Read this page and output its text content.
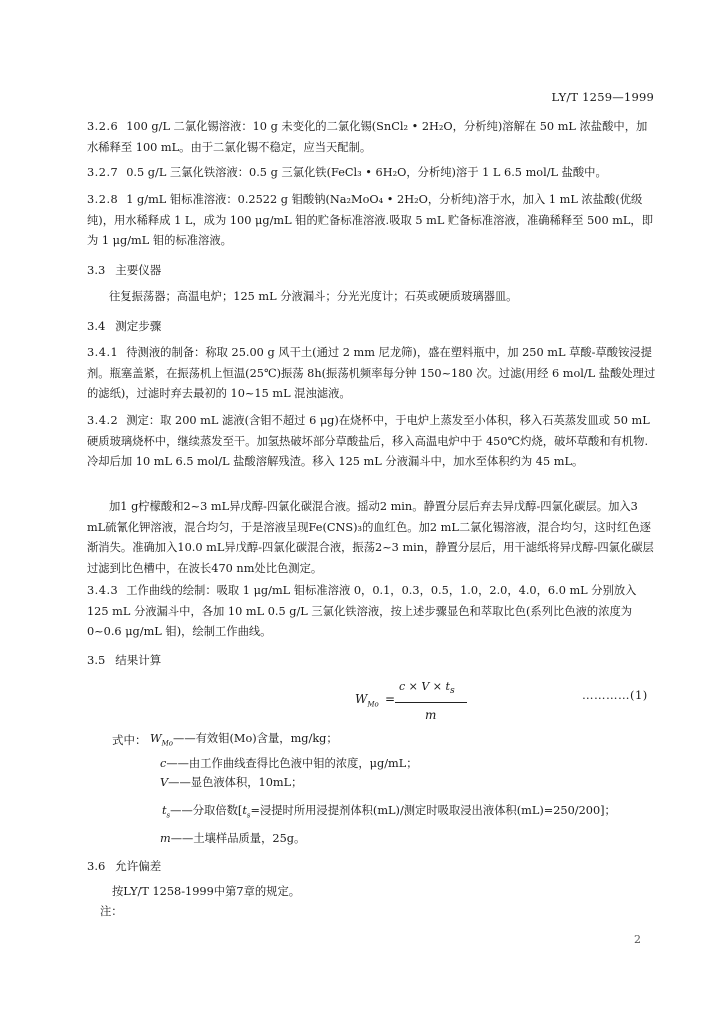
LY/T 1259—1999

3.2.6 100 g/L 二氯化锡溶液：10 g 未变化的二氯化锡(SnCl₂ • 2H₂O，分析纯)溶解在 50 mL 浓盐酸中，加水稀释至 100 mL。由于二氯化锡不稳定，应当天配制。

3.2.7 0.5 g/L 三氯化铁溶液：0.5 g 三氯化铁(FeCl₃ • 6H₂O，分析纯)溶于 1 L 6.5 mol/L 盐酸中。

3.2.8 1 g/mL 钼标准溶液：0.2522 g 钼酸钠(Na₂MoO₄ • 2H₂O，分析纯)溶于水，加入 1 mL 浓盐酸(优级纯)，用水稀释成 1 L，成为 100 μg/mL 钼的贮备标准溶液.吸取 5 mL 贮备标准溶液，准确稀释至 500 mL，即为 1 μg/mL 钼的标准溶液。

3.3 主要仪器

往复振荡器；高温电炉；125 mL 分液漏斗；分光光度计；石英或硬质玻璃器皿。

3.4 测定步骤

3.4.1 待测液的制备：称取 25.00 g 风干土(通过 2 mm 尼龙筛)，盛在塑料瓶中，加 250 mL 草酸-草酸铵浸提剂。瓶塞盖紧，在振荡机上恒温(25℃)振荡 8h(振荡机频率每分钟 150~180 次。过滤(用经 6 mol/L 盐酸处理过的滤纸)，过滤时弃去最初的 10~15 mL 混浊滤液。

3.4.2 测定：取 200 mL 滤液(含钼不超过 6 μg)在烧杯中，于电炉上蒸发至小体积，移入石英蒸发皿或 50 mL 硬质玻璃烧杯中，继续蒸发至干。加氢热破坏部分草酸盐后，移入高温电炉中于 450℃灼烧，破坏草酸和有机物.冷却后加 10 mL 6.5 mol/L 盐酸溶解残渣。移入 125 mL 分液漏斗中，加水至体积约为 45 mL。

加1 g柠檬酸和2~3 mL异戊醇-四氯化碳混合液。摇动2 min。静置分层后弃去异戊醇-四氯化碳层。加入3 mL硫氰化钾溶液，混合均匀，于是溶液呈现Fe(CNS)₃的血红色。加2 mL二氯化锡溶液，混合均匀，这时红色逐渐消失。准确加入10.0 mL异戊醇-四氯化碳混合液，振荡2~3 min，静置分层后，用干滤纸将异戊醇-四氯化碳层过滤到比色槽中，在波长470 nm处比色测定。

3.4.3 工作曲线的绘制：吸取 1 μg/mL 钼标准溶液 0，0.1，0.3，0.5，1.0，2.0，4.0，6.0 mL 分别放入 125 mL 分液漏斗中，各加 10 mL 0.5 g/L 三氯化铁溶液，按上述步骤显色和萃取比色(系列比色液的浓度为 0~0.6 μg/mL 钼)，绘制工作曲线。

3.5 结果计算
$W_{Mo}$ =
$c \times V \times t_s$
m
…………(1)
式中： $W_{Mo}——$有效钼(Mo)含量，mg/kg；
c——由工作曲线查得比色液中钼的浓度，μg/mL；
V——显色液体积，10mL；
$t_s——$分取倍数[$t_s=$浸提时所用浸提剂体积(mL)/测定时吸取浸出液体积(mL)=250/200]；
m——土壤样品质量，25g。
3.6 允许偏差

按LY/T 1258-1999中第7章的规定。

注：

2
